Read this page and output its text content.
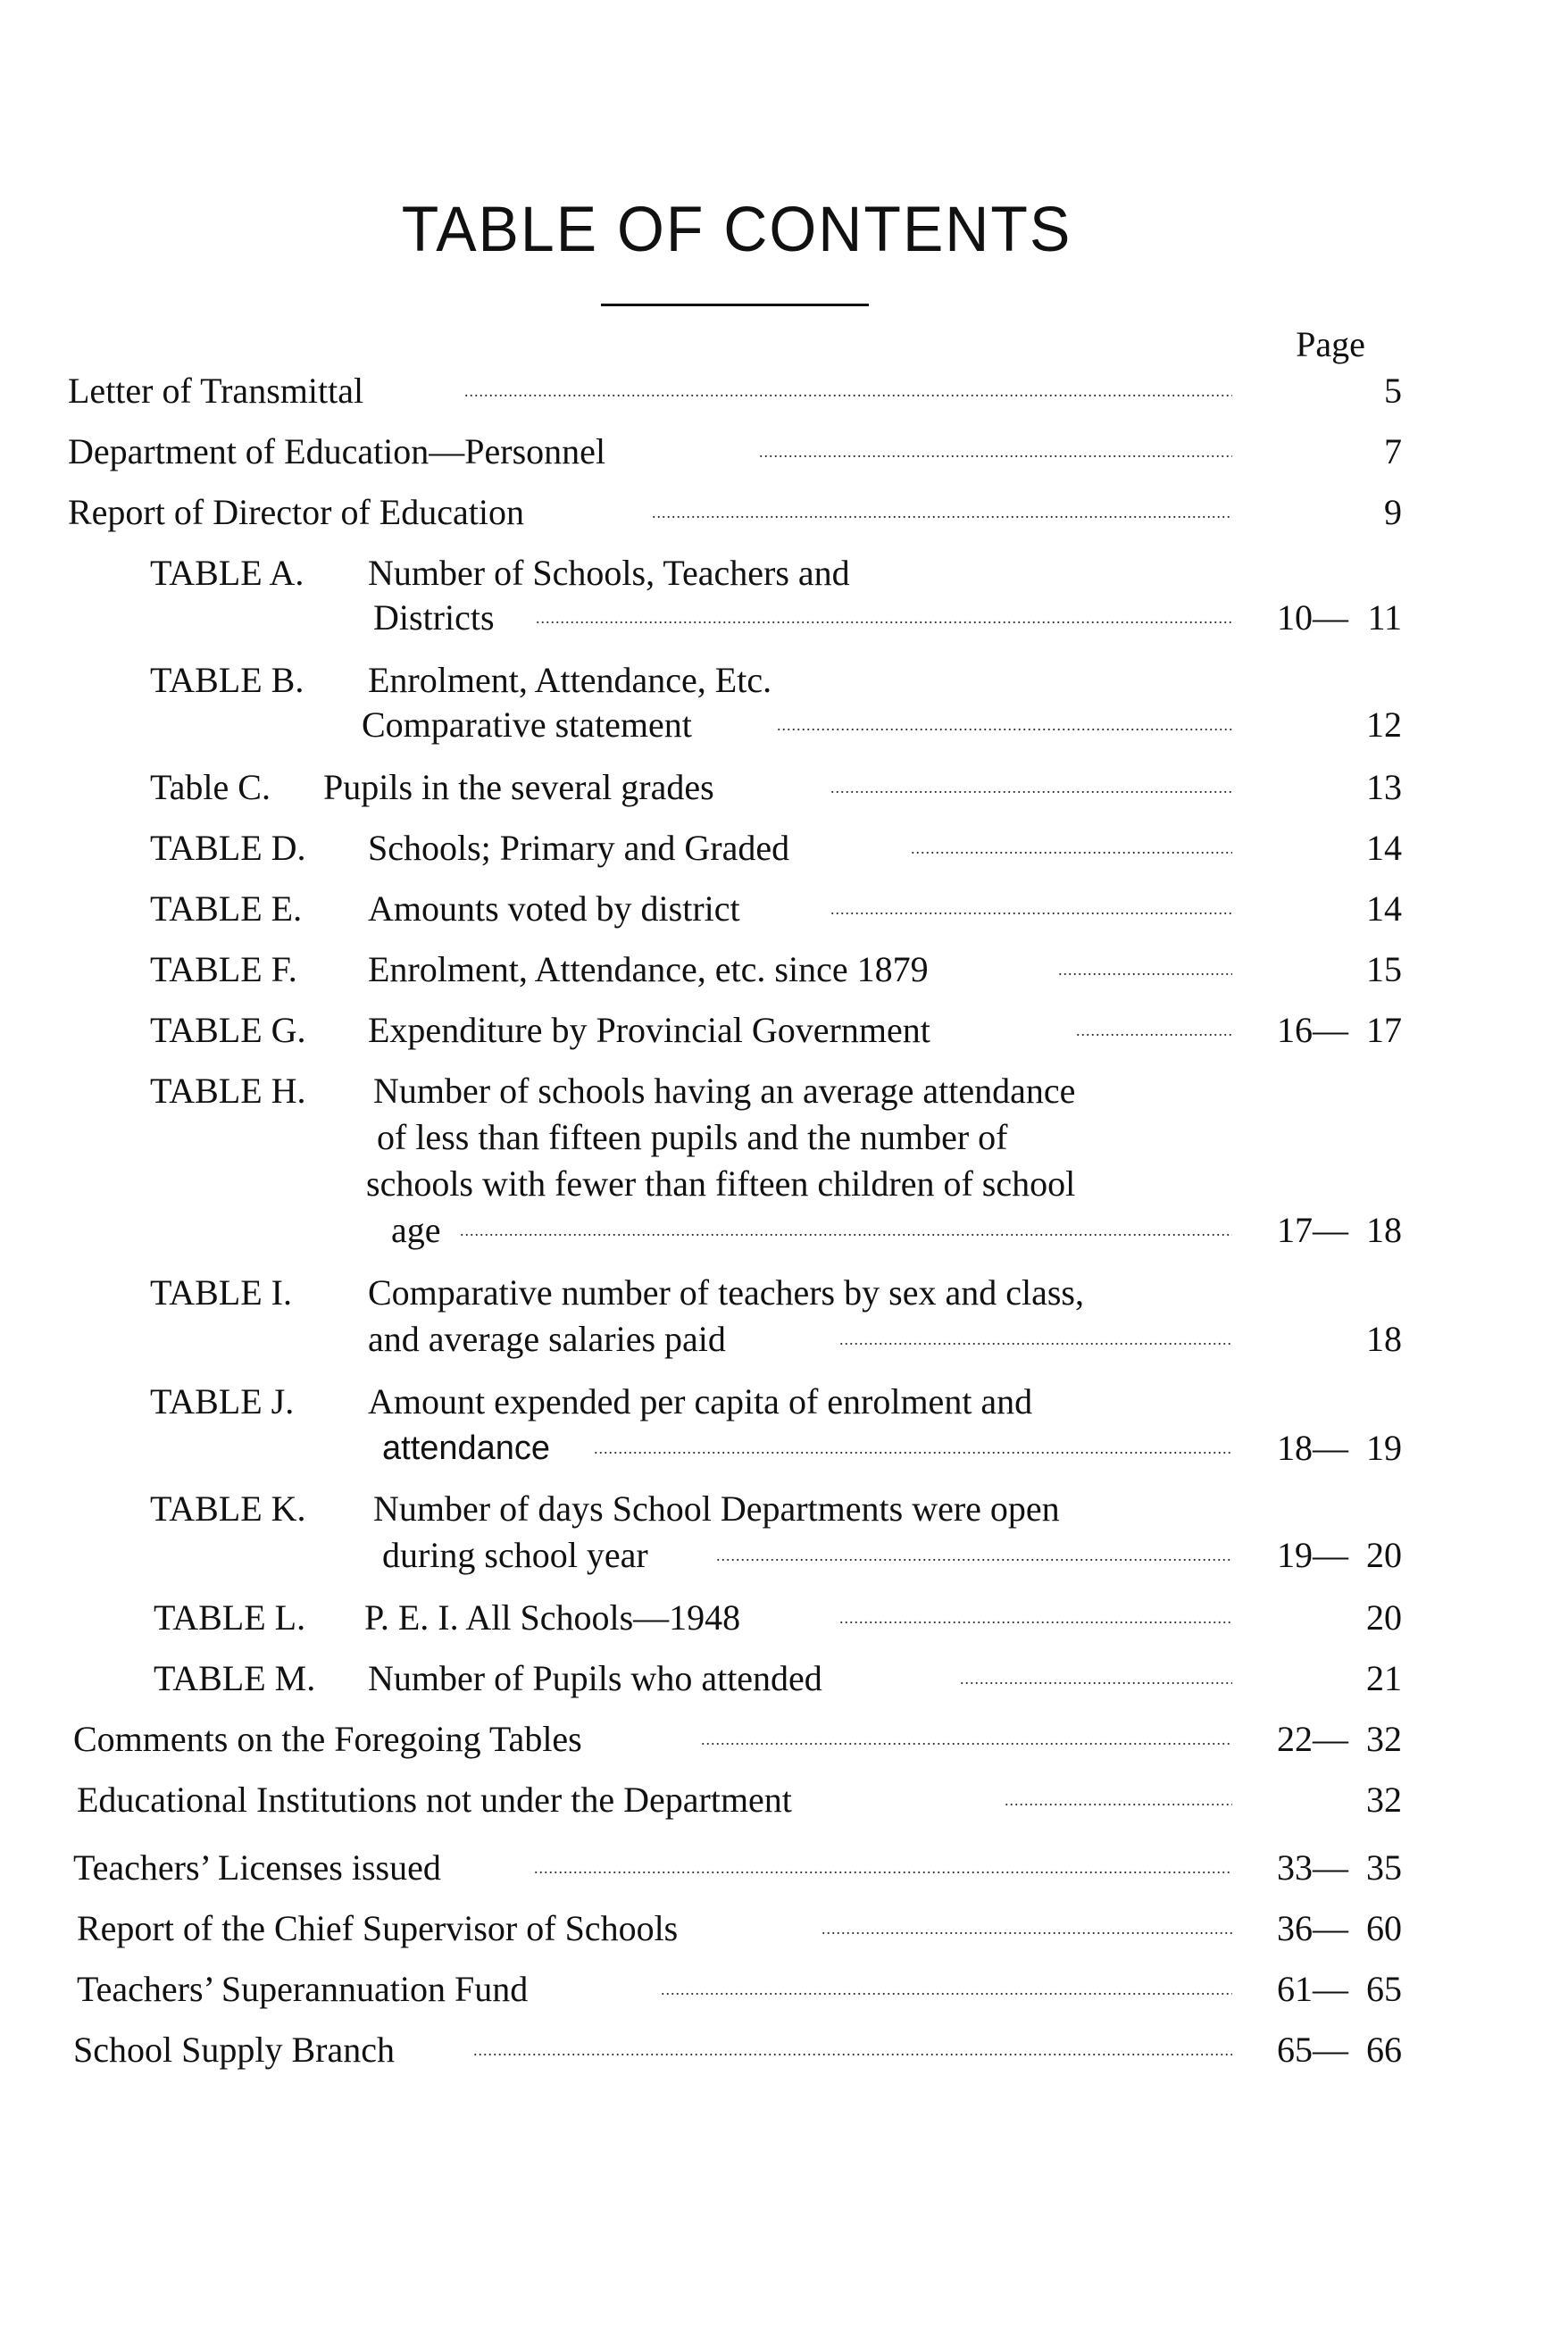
TABLE OF CONTENTS
Page
Letter of Transmittal .....	5
Department of Education—Personnel .....	7
Report of Director of Education .....	9
TABLE A. Number of Schools, Teachers and
Districts .....	10— 11
TABLE B. Enrolment, Attendance, Etc.
Comparative statement .....	12
Table C. Pupils in the several grades .....	13
TABLE D. Schools; Primary and Graded .....	14
TABLE E. Amounts voted by district .....	14
TABLE F. Enrolment, Attendance, etc. since 1879 .....	15
TABLE G. Expenditure by Provincial Government .....	16— 17
TABLE H. Number of schools having an average attendance
of less than fifteen pupils and the number of
schools with fewer than fifteen children of school
age .....	17— 18
TABLE I. Comparative number of teachers by sex and class,
and average salaries paid .....	18
TABLE J. Amount expended per capita of enrolment and
attendance .....	18— 19
TABLE K. Number of days School Departments were open
during school year .....	19— 20
TABLE L. P. E. I. All Schools—1948 .....	20
TABLE M. Number of Pupils who attended .....	21
Comments on the Foregoing Tables .....	22— 32
Educational Institutions not under the Department .....	32
Teachers’ Licenses issued .....	33— 35
Report of the Chief Supervisor of Schools .....	36— 60
Teachers’ Superannuation Fund .....	61— 65
School Supply Branch .....	65— 66
